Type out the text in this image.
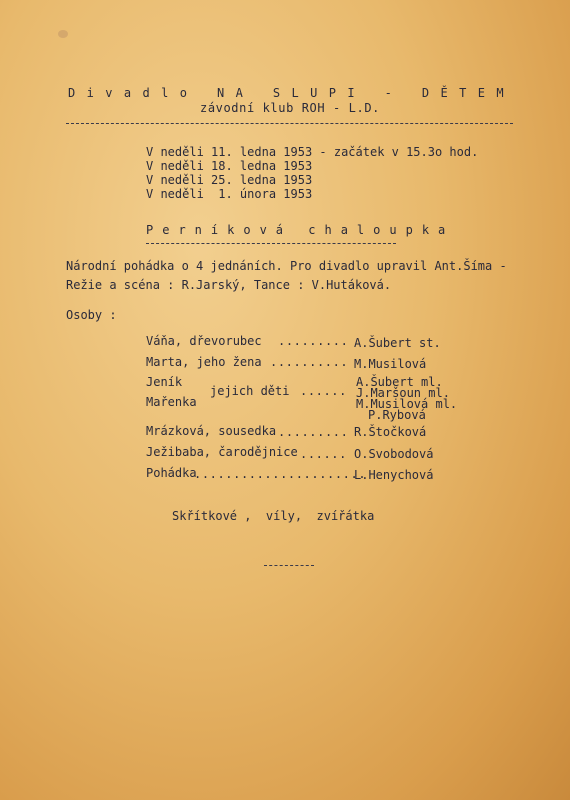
Divadlo NA SLUPI - DĚTEM
závodní klub ROH - L.D.
V neděli 11. ledna 1953 - začátek v 15.3o hod.
V neděli 18. ledna 1953
V neděli 25. ledna 1953
V neděli  1. února 1953
Perníková chaloupka
Národní pohádka o 4 jednáních. Pro divadlo upravil Ant.Šíma -
Režie a scéna : R.Jarský, Tance : V.Hutáková.
Osoby :
Váňa, dřevorubec ......... A.Šubert st.
Marta, jeho žena .......... M.Musilová
Jeník
Mařenka
jejich děti ......
A.Šubert ml.
J.Maršoun ml.
M.Musilová ml.
P.Rybová
Mrázková, sousedka ......... R.Štočková
Ježibaba, čarodějnice ...... O.Svobodová
Pohádka
......................
L.Henychová
Skřítkové ,  víly,  zvířátka
